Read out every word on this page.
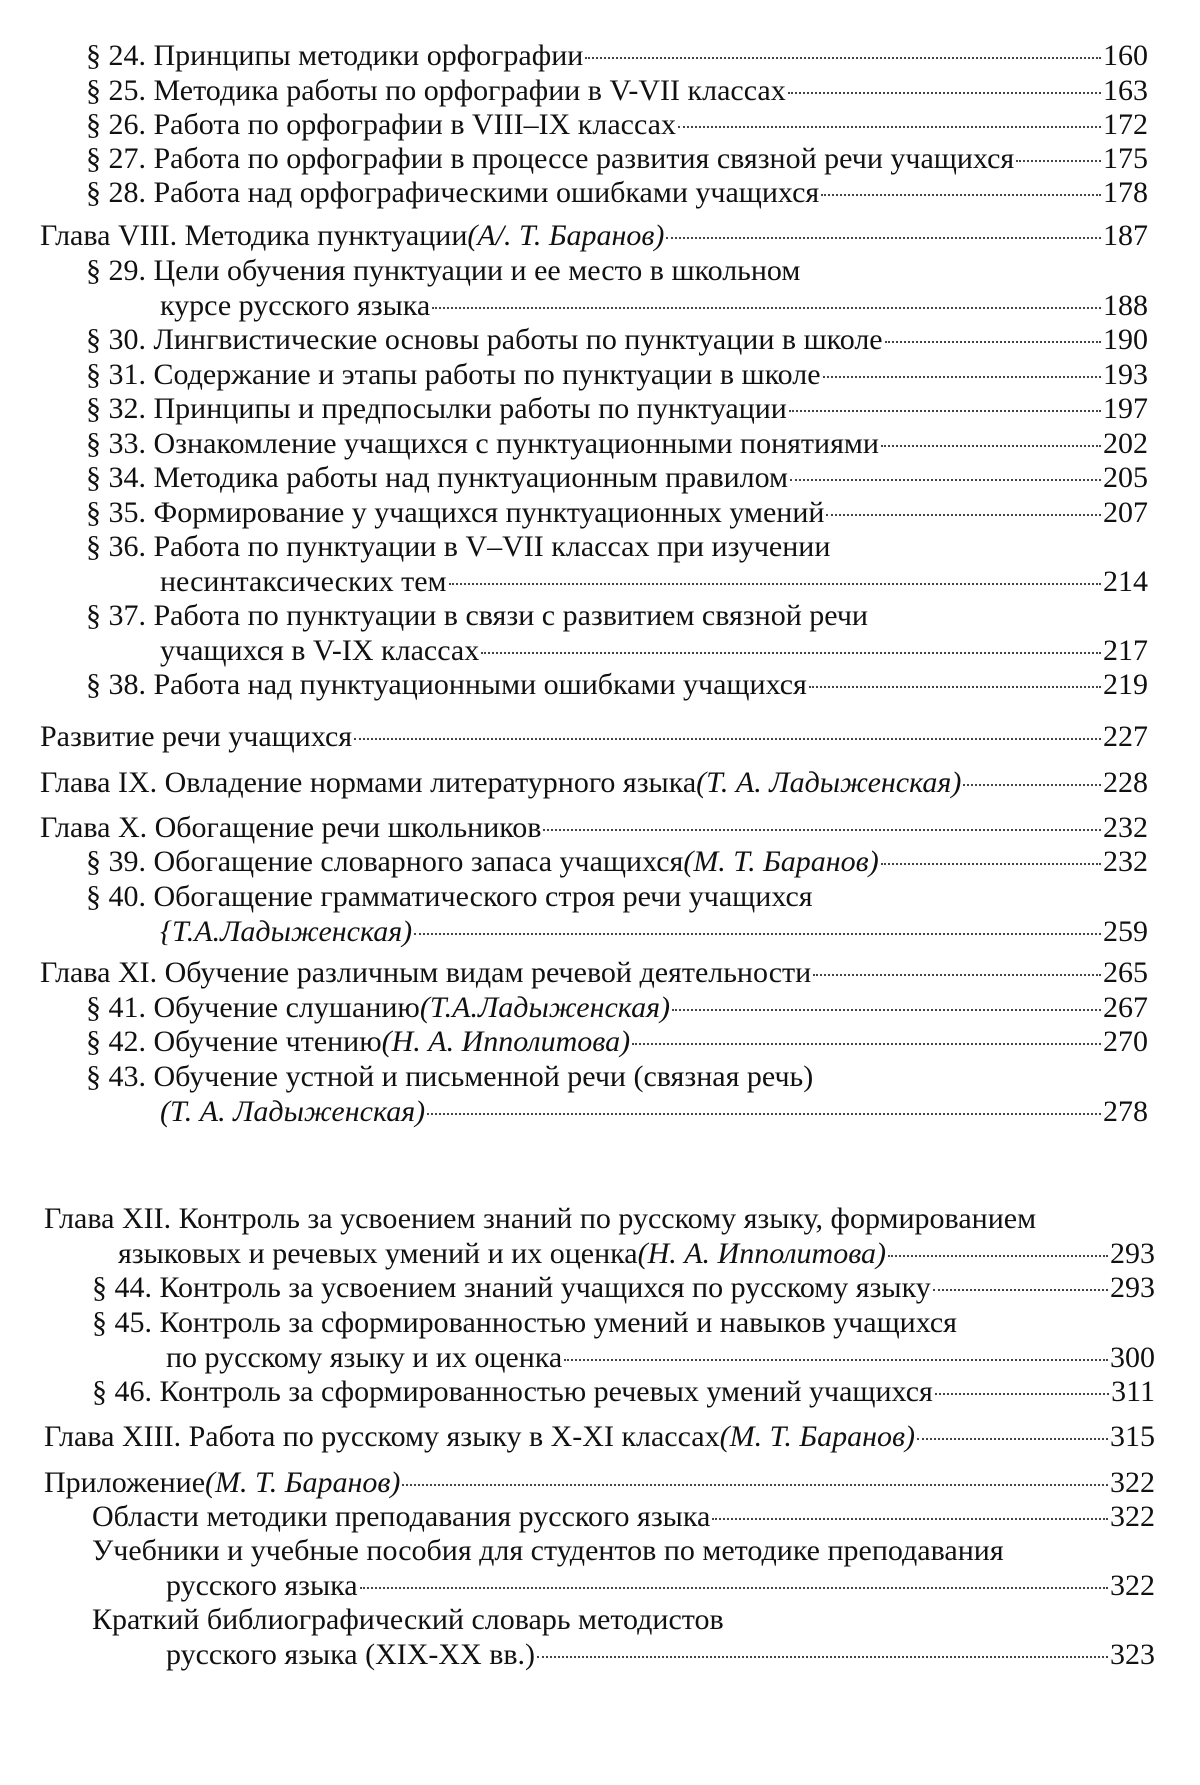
§ 24. Принципы методики орфографии	160
§ 25. Методика работы по орфографии в V-VII классах	163
§ 26. Работа по орфографии в VIII–IX классах	172
§ 27. Работа по орфографии в процессе развития связной речи учащихся	175
§ 28. Работа над орфографическими ошибками учащихся	178
Глава VIII. Методика пунктуации (А/. Т. Баранов)	187
§ 29. Цели обучения пунктуации и ее место в школьном
курсе русского языка	188
§ 30. Лингвистические основы работы по пунктуации в школе	190
§ 31. Содержание и этапы работы по пунктуации в школе	193
§ 32. Принципы и предпосылки работы по пунктуации	197
§ 33. Ознакомление учащихся с пунктуационными понятиями	202
§ 34. Методика работы над пунктуационным правилом	205
§ 35. Формирование у учащихся пунктуационных умений	207
§ 36. Работа по пунктуации в V–VII классах при изучении
несинтаксических тем	214
§ 37. Работа по пунктуации в связи с развитием связной речи
учащихся в V-IX классах	217
§ 38. Работа над пунктуационными ошибками учащихся	219
Развитие речи учащихся	227
Глава IX. Овладение нормами литературного языка (Т. А. Ладыженская)	228
Глава X. Обогащение речи школьников	232
§ 39. Обогащение словарного запаса учащихся (М. Т. Баранов)	232
§ 40. Обогащение грамматического строя речи учащихся
{Т.А.Ладыженская)	259
Глава XI. Обучение различным видам речевой деятельности	265
§ 41. Обучение слушанию (Т.А.Ладыженская)	267
§ 42. Обучение чтению (Н. А. Ипполитова)	270
§ 43. Обучение устной и письменной речи (связная речь)
(Т. А. Ладыженская)	278
Глава XII. Контроль за усвоением знаний по русскому языку, формированием
языковых и речевых умений и их оценка (Н. А. Ипполитова)	293
§ 44. Контроль за усвоением знаний учащихся по русскому языку	293
§ 45. Контроль за сформированностью умений и навыков учащихся
по русскому языку и их оценка	300
§ 46. Контроль за сформированностью речевых умений учащихся	311
Глава XIII. Работа по русскому языку в X-XI классах (М. Т. Баранов)	315
Приложение (М. Т. Баранов)	322
Области методики преподавания русского языка	322
Учебники и учебные пособия для студентов по методике преподавания
русского языка	322
Краткий библиографический словарь методистов
русского языка (XIX-XX вв.)	323
